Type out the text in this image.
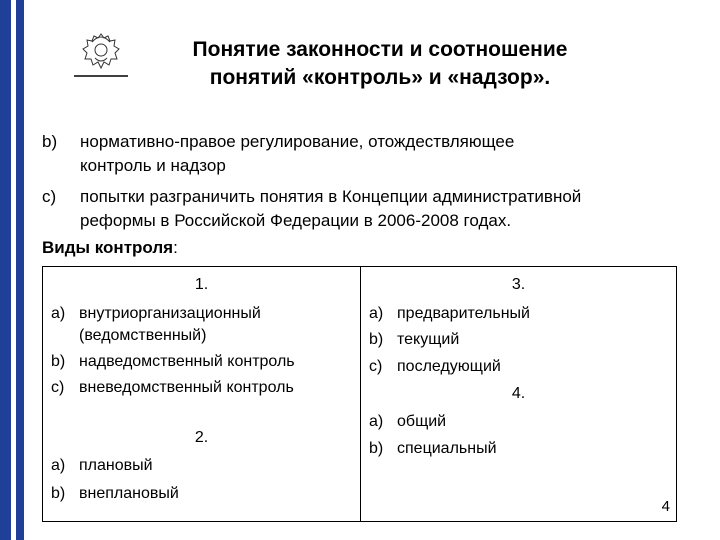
Понятие законности и соотношение
понятий «контроль» и «надзор».
b) нормативно-правое регулирование, отождествляющее
контроль и надзор
c) попытки разграничить понятия в Концепции административной
реформы в Российской Федерации в 2006-2008 годах.
Виды контроля:
1.
a) внутриорганизационный
(ведомственный)
b) надведомственный контроль
c) вневедомственный контроль
2.
a) плановый
b) внеплановый
3.
a) предварительный
b) текущий
c) последующий
4.
a) общий
b) специальный
4
